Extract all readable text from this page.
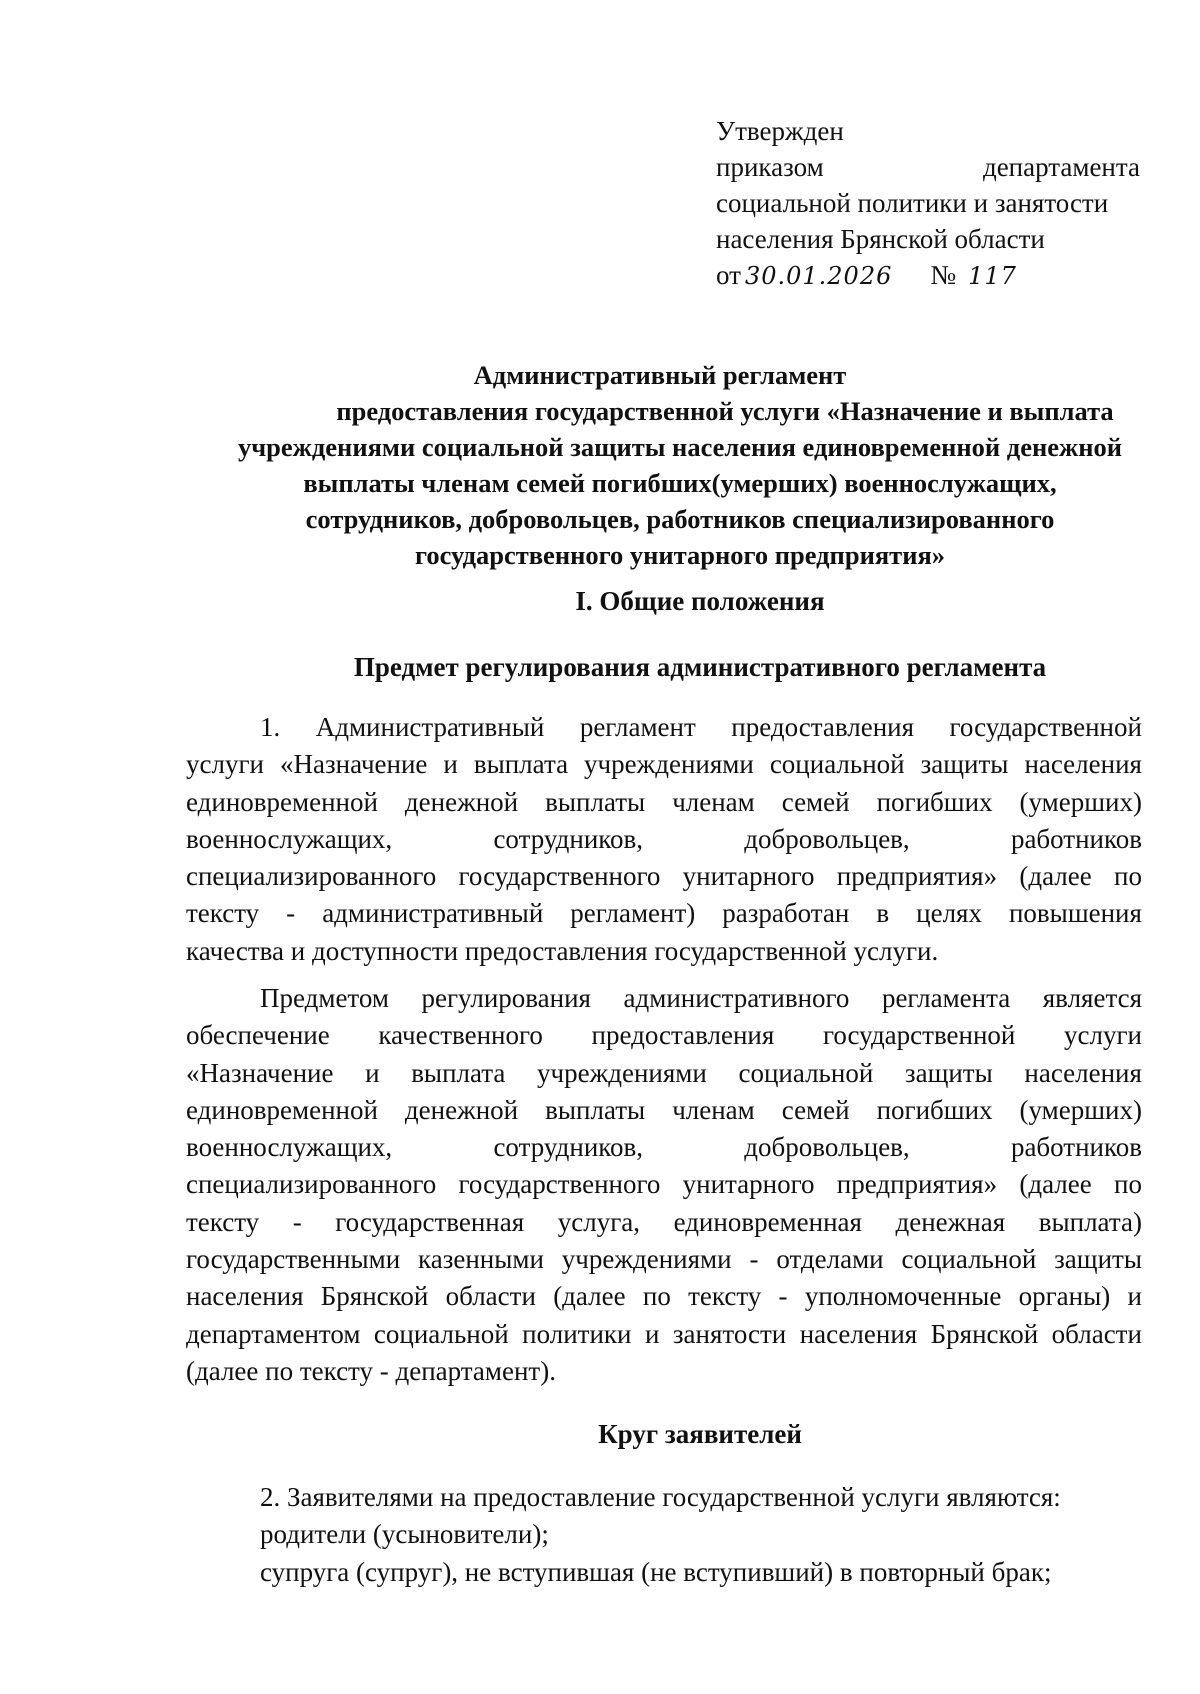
Утвержден
приказом	департамента
социальной политики и занятости
населения Брянской области
от 30.01.2026 № 117
Административный регламент
предоставления государственной услуги «Назначение и выплата
учреждениями социальной защиты населения единовременной денежной
выплаты членам семей погибших(умерших) военнослужащих,
сотрудников, добровольцев, работников специализированного
государственного унитарного предприятия»
I. Общие положения
Предмет регулирования административного регламента
1. Административный регламент предоставления государственной
услуги «Назначение и выплата учреждениями социальной защиты населения
единовременной денежной выплаты членам семей погибших (умерших)
военнослужащих,	сотрудников,	добровольцев,	работников
специализированного государственного унитарного предприятия» (далее по
тексту - административный регламент) разработан в целях повышения
качества и доступности предоставления государственной услуги.
Предметом регулирования административного регламента является
обеспечение качественного предоставления государственной услуги
«Назначение и выплата учреждениями социальной защиты населения
единовременной денежной выплаты членам семей погибших (умерших)
военнослужащих,	сотрудников,	добровольцев,	работников
специализированного государственного унитарного предприятия» (далее по
тексту - государственная услуга, единовременная денежная выплата)
государственными казенными учреждениями - отделами социальной защиты
населения Брянской области (далее по тексту - уполномоченные органы) и
департаментом социальной политики и занятости населения Брянской области
(далее по тексту - департамент).
Круг заявителей
2. Заявителями на предоставление государственной услуги являются:
родители (усыновители);
супруга (супруг), не вступившая (не вступивший) в повторный брак;
